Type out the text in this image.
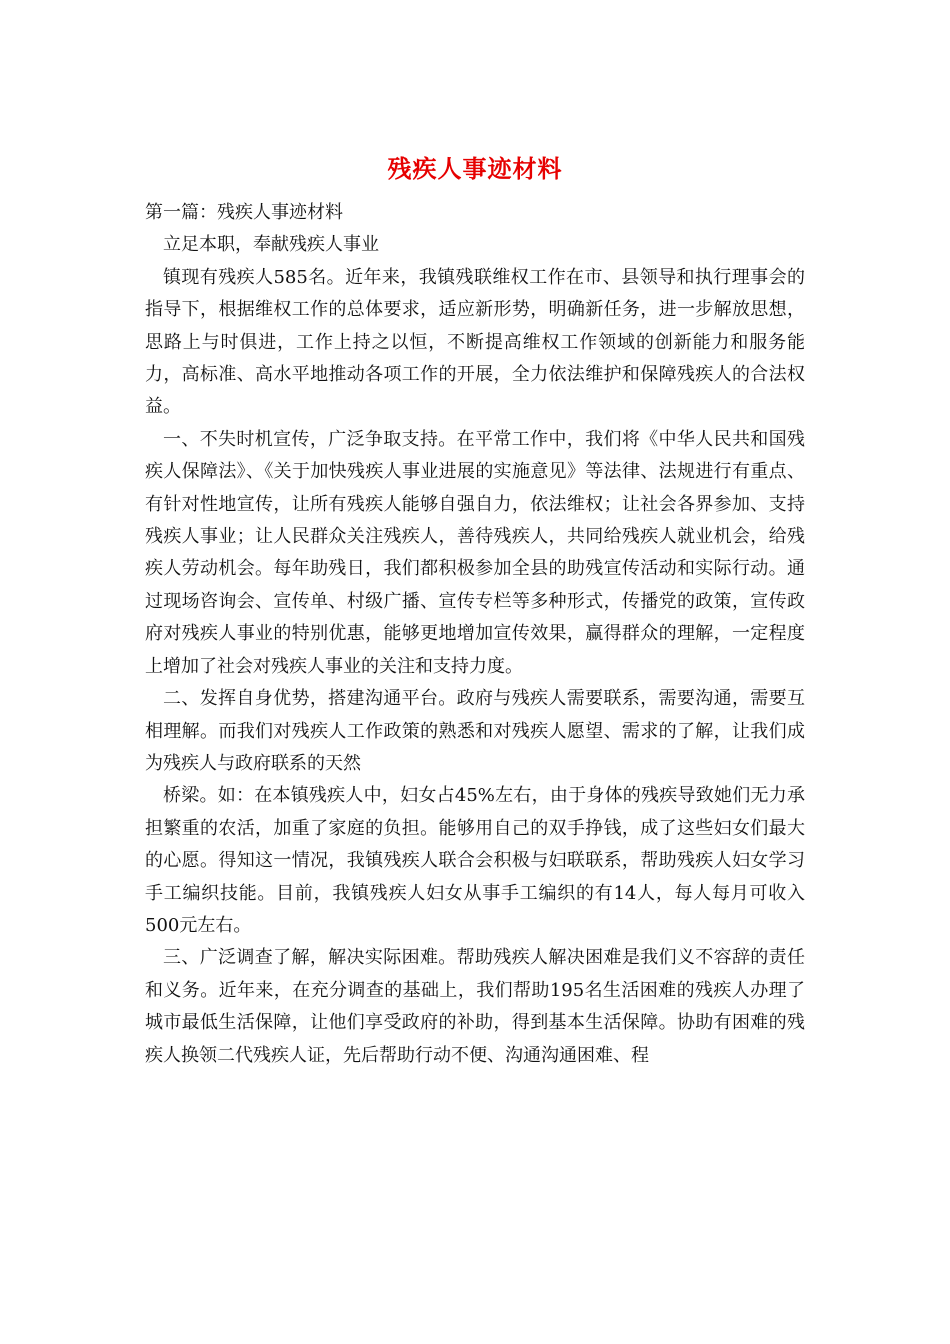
残疾人事迹材料

第一篇：残疾人事迹材料

立足本职，奉献残疾人事业

镇现有残疾人585名。近年来，我镇残联维权工作在市、县领导和执行理事会的指导下，根据维权工作的总体要求，适应新形势，明确新任务，进一步解放思想，思路上与时俱进，工作上持之以恒，不断提高维权工作领域的创新能力和服务能力，高标准、高水平地推动各项工作的开展，全力依法维护和保障残疾人的合法权益。

一、不失时机宣传，广泛争取支持。在平常工作中，我们将《中华人民共和国残疾人保障法》、《关于加快残疾人事业进展的实施意见》等法律、法规进行有重点、有针对性地宣传，让所有残疾人能够自强自力，依法维权；让社会各界参加、支持残疾人事业；让人民群众关注残疾人，善待残疾人，共同给残疾人就业机会，给残疾人劳动机会。每年助残日，我们都积极参加全县的助残宣传活动和实际行动。通过现场咨询会、宣传单、村级广播、宣传专栏等多种形式，传播党的政策，宣传政府对残疾人事业的特别优惠，能够更地增加宣传效果，赢得群众的理解，一定程度上增加了社会对残疾人事业的关注和支持力度。

二、发挥自身优势，搭建沟通平台。政府与残疾人需要联系，需要沟通，需要互相理解。而我们对残疾人工作政策的熟悉和对残疾人愿望、需求的了解，让我们成为残疾人与政府联系的天然

桥梁。如：在本镇残疾人中，妇女占45%左右，由于身体的残疾导致她们无力承担繁重的农活，加重了家庭的负担。能够用自己的双手挣钱，成了这些妇女们最大的心愿。得知这一情况，我镇残疾人联合会积极与妇联联系，帮助残疾人妇女学习手工编织技能。目前，我镇残疾人妇女从事手工编织的有14人，每人每月可收入500元左右。

三、广泛调查了解，解决实际困难。帮助残疾人解决困难是我们义不容辞的责任和义务。近年来，在充分调查的基础上，我们帮助195名生活困难的残疾人办理了城市最低生活保障，让他们享受政府的补助，得到基本生活保障。协助有困难的残疾人换领二代残疾人证，先后帮助行动不便、沟通沟通困难、程
